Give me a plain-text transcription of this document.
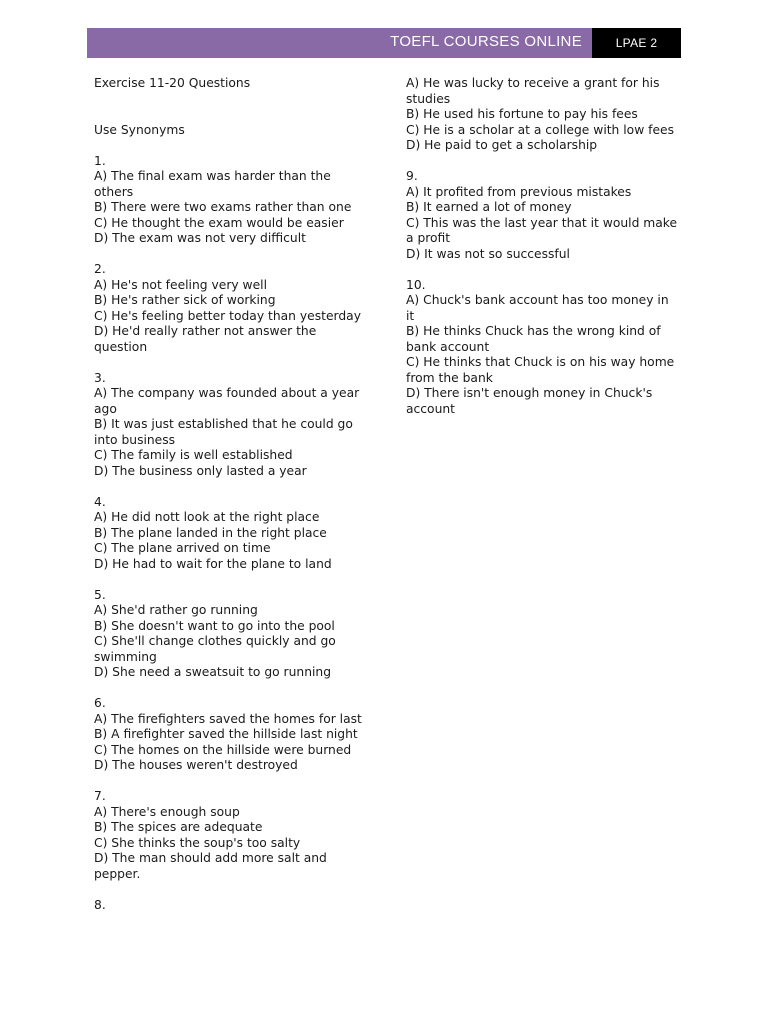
TOEFL COURSES ONLINE	LPAE 2
Exercise 11-20 Questions
Use Synonyms
1.
A) The final exam was harder than the others
B) There were two exams rather than one
C) He thought the exam would be easier
D) The exam was not very difficult
2.
A) He's not feeling very well
B) He's rather sick of working
C) He's feeling better today than yesterday
D) He'd really rather not answer the question
3.
A) The company was founded about a year ago
B) It was just established that he could go into business
C) The family is well established
D) The business only lasted a year
4.
A) He did nott look at the right place
B) The plane landed in the right place
C) The plane arrived on time
D) He had to wait for the plane to land
5.
A) She'd rather go running
B) She doesn't want to go into the pool
C) She'll change clothes quickly and go swimming
D) She need a sweatsuit to go running
6.
A) The firefighters saved the homes for last
B) A firefighter saved the hillside last night
C) The homes on the hillside were burned
D) The houses weren't destroyed
7.
A) There's enough soup
B) The spices are adequate
C) She thinks the soup's too salty
D) The man should add more salt and pepper.
8.
A) He was lucky to receive a grant for his studies
B) He used his fortune to pay his fees
C) He is a scholar at a college with low fees
D) He paid to get a scholarship
9.
A) It profited from previous mistakes
B) It earned a lot of money
C) This was the last year that it would make a profit
D) It was not so successful
10.
A) Chuck's bank account has too money in it
B) He thinks Chuck has the wrong kind of bank account
C) He thinks that Chuck is on his way home from the bank
D) There isn't enough money in Chuck's account
